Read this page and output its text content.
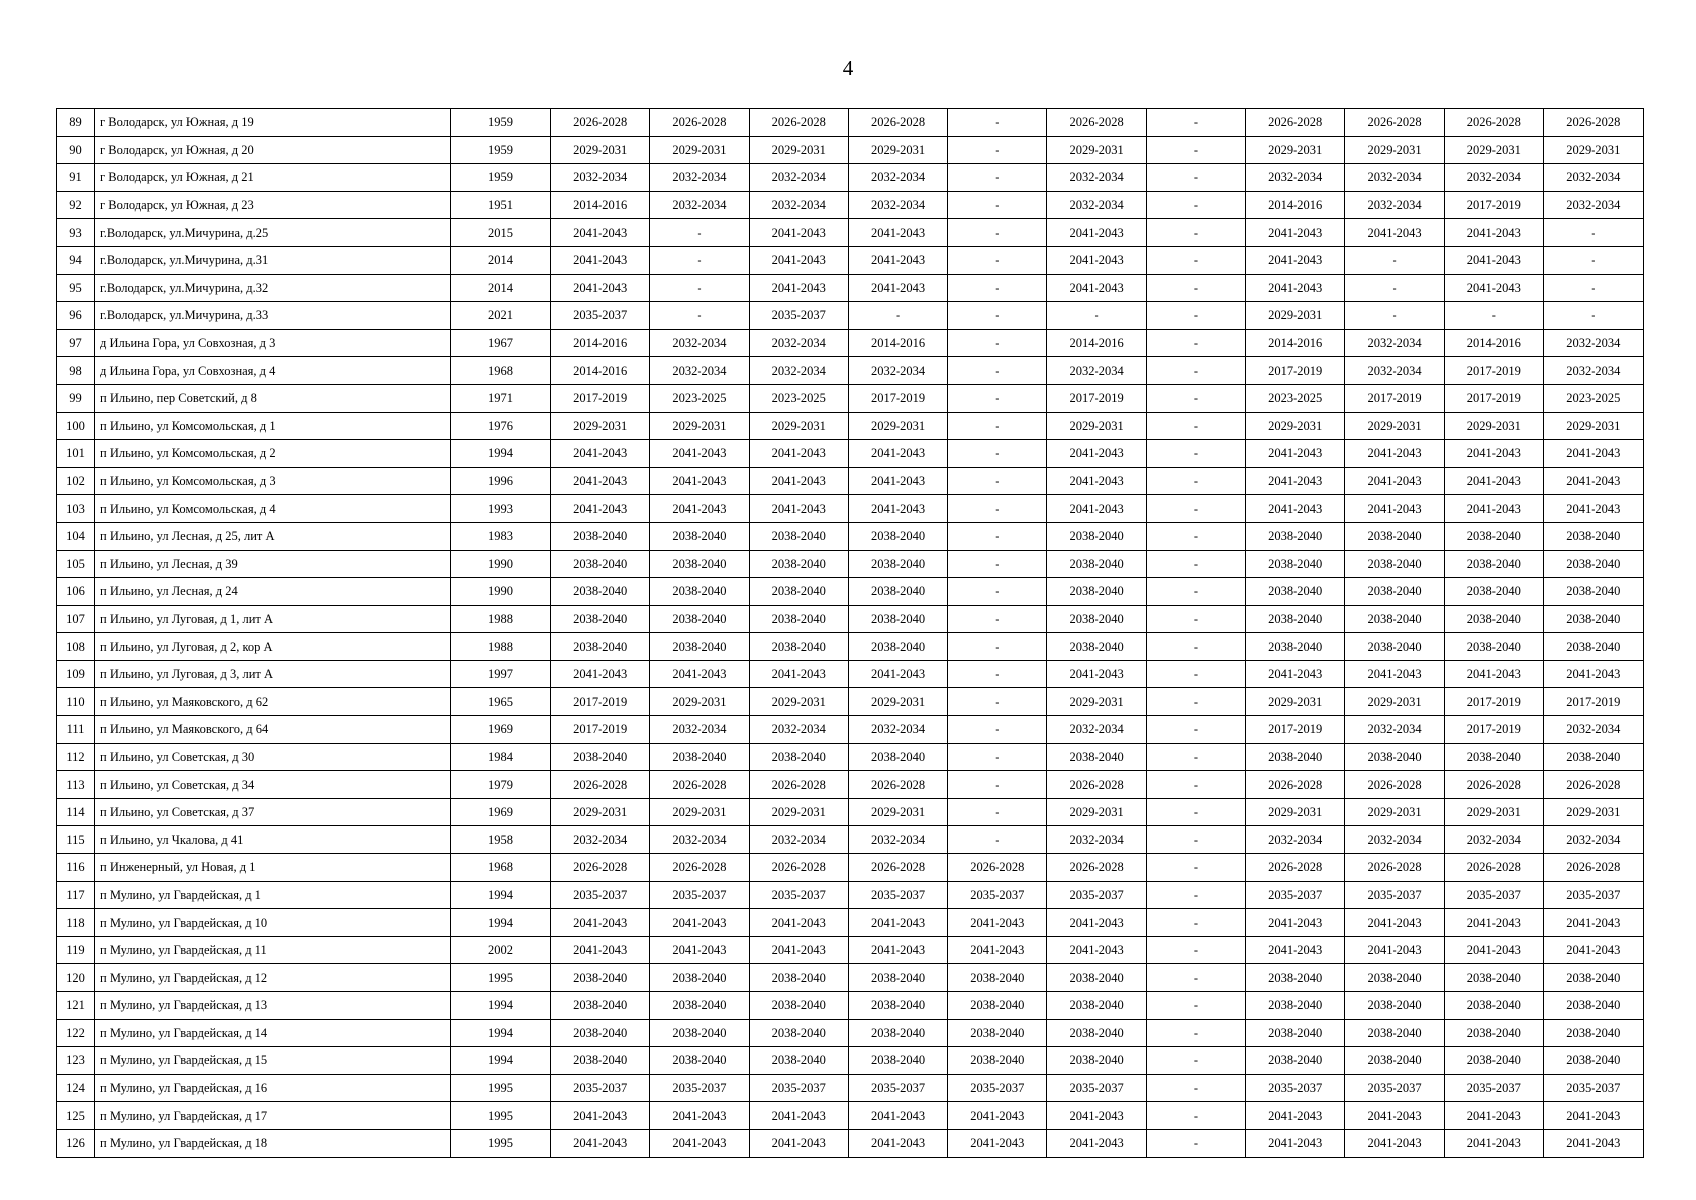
4
89	г Володарск, ул Южная, д 19	1959	2026-2028	2026-2028	2026-2028	2026-2028	-	2026-2028	-	2026-2028	2026-2028	2026-2028	2026-2028
90	г Володарск, ул Южная, д 20	1959	2029-2031	2029-2031	2029-2031	2029-2031	-	2029-2031	-	2029-2031	2029-2031	2029-2031	2029-2031
91	г Володарск, ул Южная, д 21	1959	2032-2034	2032-2034	2032-2034	2032-2034	-	2032-2034	-	2032-2034	2032-2034	2032-2034	2032-2034
92	г Володарск, ул Южная, д 23	1951	2014-2016	2032-2034	2032-2034	2032-2034	-	2032-2034	-	2014-2016	2032-2034	2017-2019	2032-2034
93	г.Володарск, ул.Мичурина, д.25	2015	2041-2043	-	2041-2043	2041-2043	-	2041-2043	-	2041-2043	2041-2043	2041-2043	-
94	г.Володарск, ул.Мичурина, д.31	2014	2041-2043	-	2041-2043	2041-2043	-	2041-2043	-	2041-2043	-	2041-2043	-
95	г.Володарск, ул.Мичурина, д.32	2014	2041-2043	-	2041-2043	2041-2043	-	2041-2043	-	2041-2043	-	2041-2043	-
96	г.Володарск, ул.Мичурина, д.33	2021	2035-2037	-	2035-2037	-	-	-	-	2029-2031	-	-	-
97	д Ильина Гора, ул Совхозная, д 3	1967	2014-2016	2032-2034	2032-2034	2014-2016	-	2014-2016	-	2014-2016	2032-2034	2014-2016	2032-2034
98	д Ильина Гора, ул Совхозная, д 4	1968	2014-2016	2032-2034	2032-2034	2032-2034	-	2032-2034	-	2017-2019	2032-2034	2017-2019	2032-2034
99	п Ильино, пер Советский, д 8	1971	2017-2019	2023-2025	2023-2025	2017-2019	-	2017-2019	-	2023-2025	2017-2019	2017-2019	2023-2025
100	п Ильино, ул Комсомольская, д 1	1976	2029-2031	2029-2031	2029-2031	2029-2031	-	2029-2031	-	2029-2031	2029-2031	2029-2031	2029-2031
101	п Ильино, ул Комсомольская, д 2	1994	2041-2043	2041-2043	2041-2043	2041-2043	-	2041-2043	-	2041-2043	2041-2043	2041-2043	2041-2043
102	п Ильино, ул Комсомольская, д 3	1996	2041-2043	2041-2043	2041-2043	2041-2043	-	2041-2043	-	2041-2043	2041-2043	2041-2043	2041-2043
103	п Ильино, ул Комсомольская, д 4	1993	2041-2043	2041-2043	2041-2043	2041-2043	-	2041-2043	-	2041-2043	2041-2043	2041-2043	2041-2043
104	п Ильино, ул Лесная, д 25, лит А	1983	2038-2040	2038-2040	2038-2040	2038-2040	-	2038-2040	-	2038-2040	2038-2040	2038-2040	2038-2040
105	п Ильино, ул Лесная, д 39	1990	2038-2040	2038-2040	2038-2040	2038-2040	-	2038-2040	-	2038-2040	2038-2040	2038-2040	2038-2040
106	п Ильино, ул Лесная, д 24	1990	2038-2040	2038-2040	2038-2040	2038-2040	-	2038-2040	-	2038-2040	2038-2040	2038-2040	2038-2040
107	п Ильино, ул Луговая, д 1, лит А	1988	2038-2040	2038-2040	2038-2040	2038-2040	-	2038-2040	-	2038-2040	2038-2040	2038-2040	2038-2040
108	п Ильино, ул Луговая, д 2, кор А	1988	2038-2040	2038-2040	2038-2040	2038-2040	-	2038-2040	-	2038-2040	2038-2040	2038-2040	2038-2040
109	п Ильино, ул Луговая, д 3, лит А	1997	2041-2043	2041-2043	2041-2043	2041-2043	-	2041-2043	-	2041-2043	2041-2043	2041-2043	2041-2043
110	п Ильино, ул Маяковского, д 62	1965	2017-2019	2029-2031	2029-2031	2029-2031	-	2029-2031	-	2029-2031	2029-2031	2017-2019	2017-2019
111	п Ильино, ул Маяковского, д 64	1969	2017-2019	2032-2034	2032-2034	2032-2034	-	2032-2034	-	2017-2019	2032-2034	2017-2019	2032-2034
112	п Ильино, ул Советская, д 30	1984	2038-2040	2038-2040	2038-2040	2038-2040	-	2038-2040	-	2038-2040	2038-2040	2038-2040	2038-2040
113	п Ильино, ул Советская, д 34	1979	2026-2028	2026-2028	2026-2028	2026-2028	-	2026-2028	-	2026-2028	2026-2028	2026-2028	2026-2028
114	п Ильино, ул Советская, д 37	1969	2029-2031	2029-2031	2029-2031	2029-2031	-	2029-2031	-	2029-2031	2029-2031	2029-2031	2029-2031
115	п Ильино, ул Чкалова, д 41	1958	2032-2034	2032-2034	2032-2034	2032-2034	-	2032-2034	-	2032-2034	2032-2034	2032-2034	2032-2034
116	п Инженерный, ул Новая, д 1	1968	2026-2028	2026-2028	2026-2028	2026-2028	2026-2028	2026-2028	-	2026-2028	2026-2028	2026-2028	2026-2028
117	п Мулино, ул Гвардейская, д 1	1994	2035-2037	2035-2037	2035-2037	2035-2037	2035-2037	2035-2037	-	2035-2037	2035-2037	2035-2037	2035-2037
118	п Мулино, ул Гвардейская, д 10	1994	2041-2043	2041-2043	2041-2043	2041-2043	2041-2043	2041-2043	-	2041-2043	2041-2043	2041-2043	2041-2043
119	п Мулино, ул Гвардейская, д 11	2002	2041-2043	2041-2043	2041-2043	2041-2043	2041-2043	2041-2043	-	2041-2043	2041-2043	2041-2043	2041-2043
120	п Мулино, ул Гвардейская, д 12	1995	2038-2040	2038-2040	2038-2040	2038-2040	2038-2040	2038-2040	-	2038-2040	2038-2040	2038-2040	2038-2040
121	п Мулино, ул Гвардейская, д 13	1994	2038-2040	2038-2040	2038-2040	2038-2040	2038-2040	2038-2040	-	2038-2040	2038-2040	2038-2040	2038-2040
122	п Мулино, ул Гвардейская, д 14	1994	2038-2040	2038-2040	2038-2040	2038-2040	2038-2040	2038-2040	-	2038-2040	2038-2040	2038-2040	2038-2040
123	п Мулино, ул Гвардейская, д 15	1994	2038-2040	2038-2040	2038-2040	2038-2040	2038-2040	2038-2040	-	2038-2040	2038-2040	2038-2040	2038-2040
124	п Мулино, ул Гвардейская, д 16	1995	2035-2037	2035-2037	2035-2037	2035-2037	2035-2037	2035-2037	-	2035-2037	2035-2037	2035-2037	2035-2037
125	п Мулино, ул Гвардейская, д 17	1995	2041-2043	2041-2043	2041-2043	2041-2043	2041-2043	2041-2043	-	2041-2043	2041-2043	2041-2043	2041-2043
126	п Мулино, ул Гвардейская, д 18	1995	2041-2043	2041-2043	2041-2043	2041-2043	2041-2043	2041-2043	-	2041-2043	2041-2043	2041-2043	2041-2043
